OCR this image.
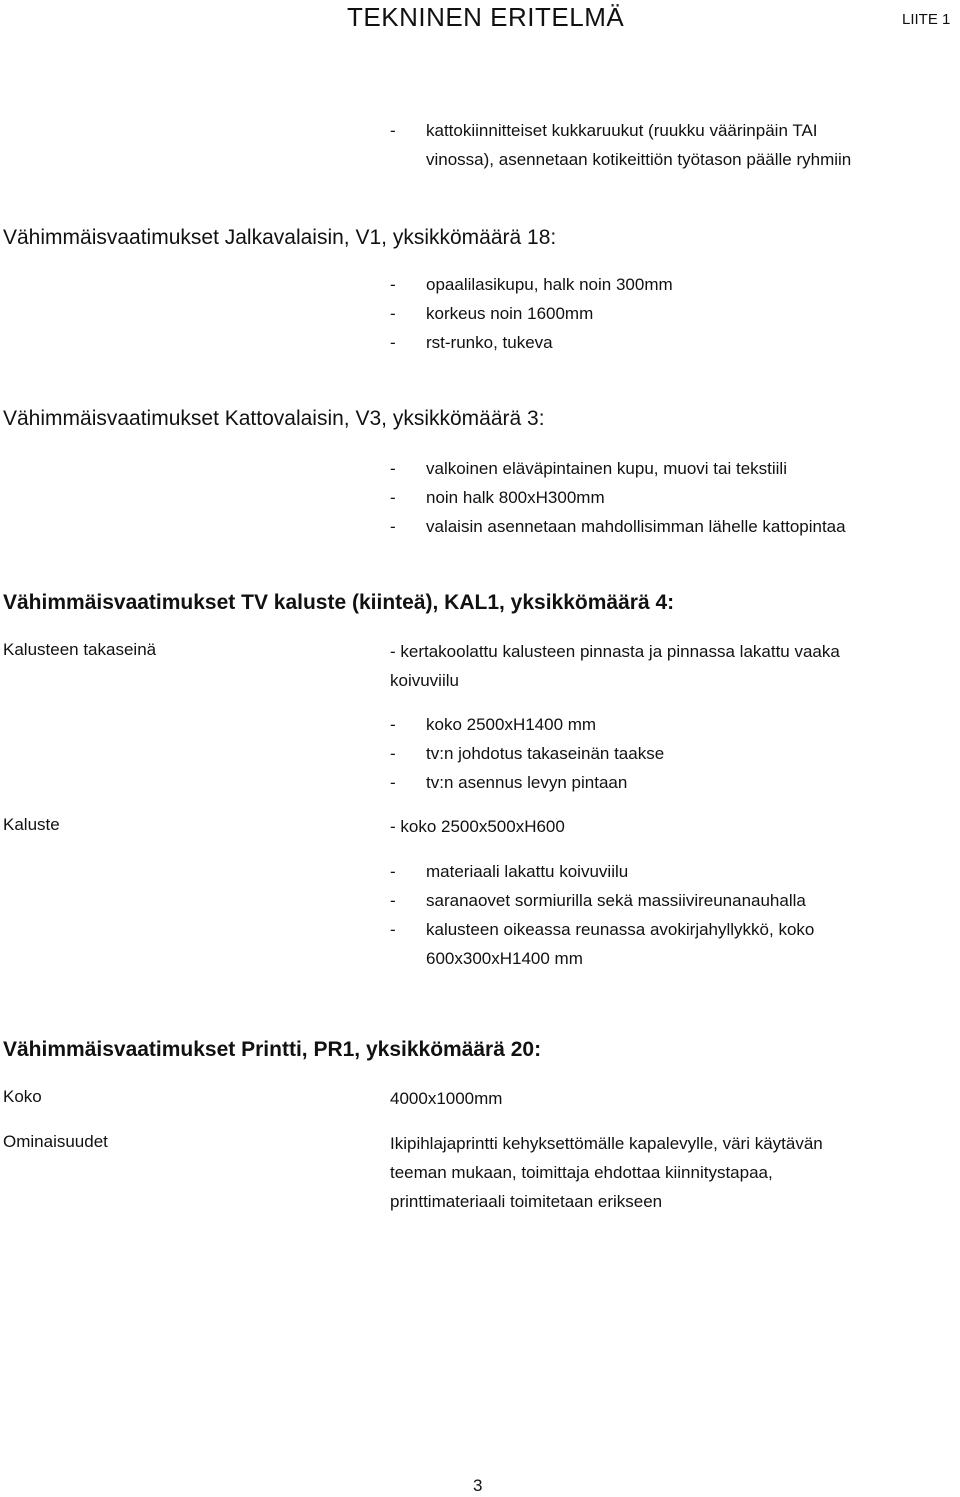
TEKNINEN ERITELMÄ	LIITE 1
- kattokiinnitteiset kukkaruukut (ruukku väärinpäin TAI
vinossa), asennetaan kotikeittiön työtason päälle ryhmiin
Vähimmäisvaatimukset Jalkavalaisin, V1, yksikkömäärä 18:
- opaalilasikupu, halk noin 300mm
- korkeus noin 1600mm
- rst-runko, tukeva
Vähimmäisvaatimukset Kattovalaisin, V3, yksikkömäärä 3:
- valkoinen eläväpintainen kupu, muovi tai tekstiili
- noin halk 800xH300mm
- valaisin asennetaan mahdollisimman lähelle kattopintaa
Vähimmäisvaatimukset TV kaluste (kiinteä), KAL1, yksikkömäärä 4:
Kalusteen takaseinä	- kertakoolattu kalusteen pinnasta ja pinnassa lakattu vaaka
koivuviilu
- koko 2500xH1400 mm
- tv:n johdotus takaseinän taakse
- tv:n asennus levyn pintaan
Kaluste	- koko 2500x500xH600
- materiaali lakattu koivuviilu
- saranaovet sormiurilla sekä massiivireunanauhalla
- kalusteen oikeassa reunassa avokirjahyllykkö, koko
600x300xH1400 mm
Vähimmäisvaatimukset Printti, PR1, yksikkömäärä 20:
Koko	4000x1000mm
Ominaisuudet	Ikipihlajaprintti kehyksettömälle kapalevylle, väri käytävän
teeman mukaan, toimittaja ehdottaa kiinnitystapaa,
printtimateriaali toimitetaan erikseen
3
